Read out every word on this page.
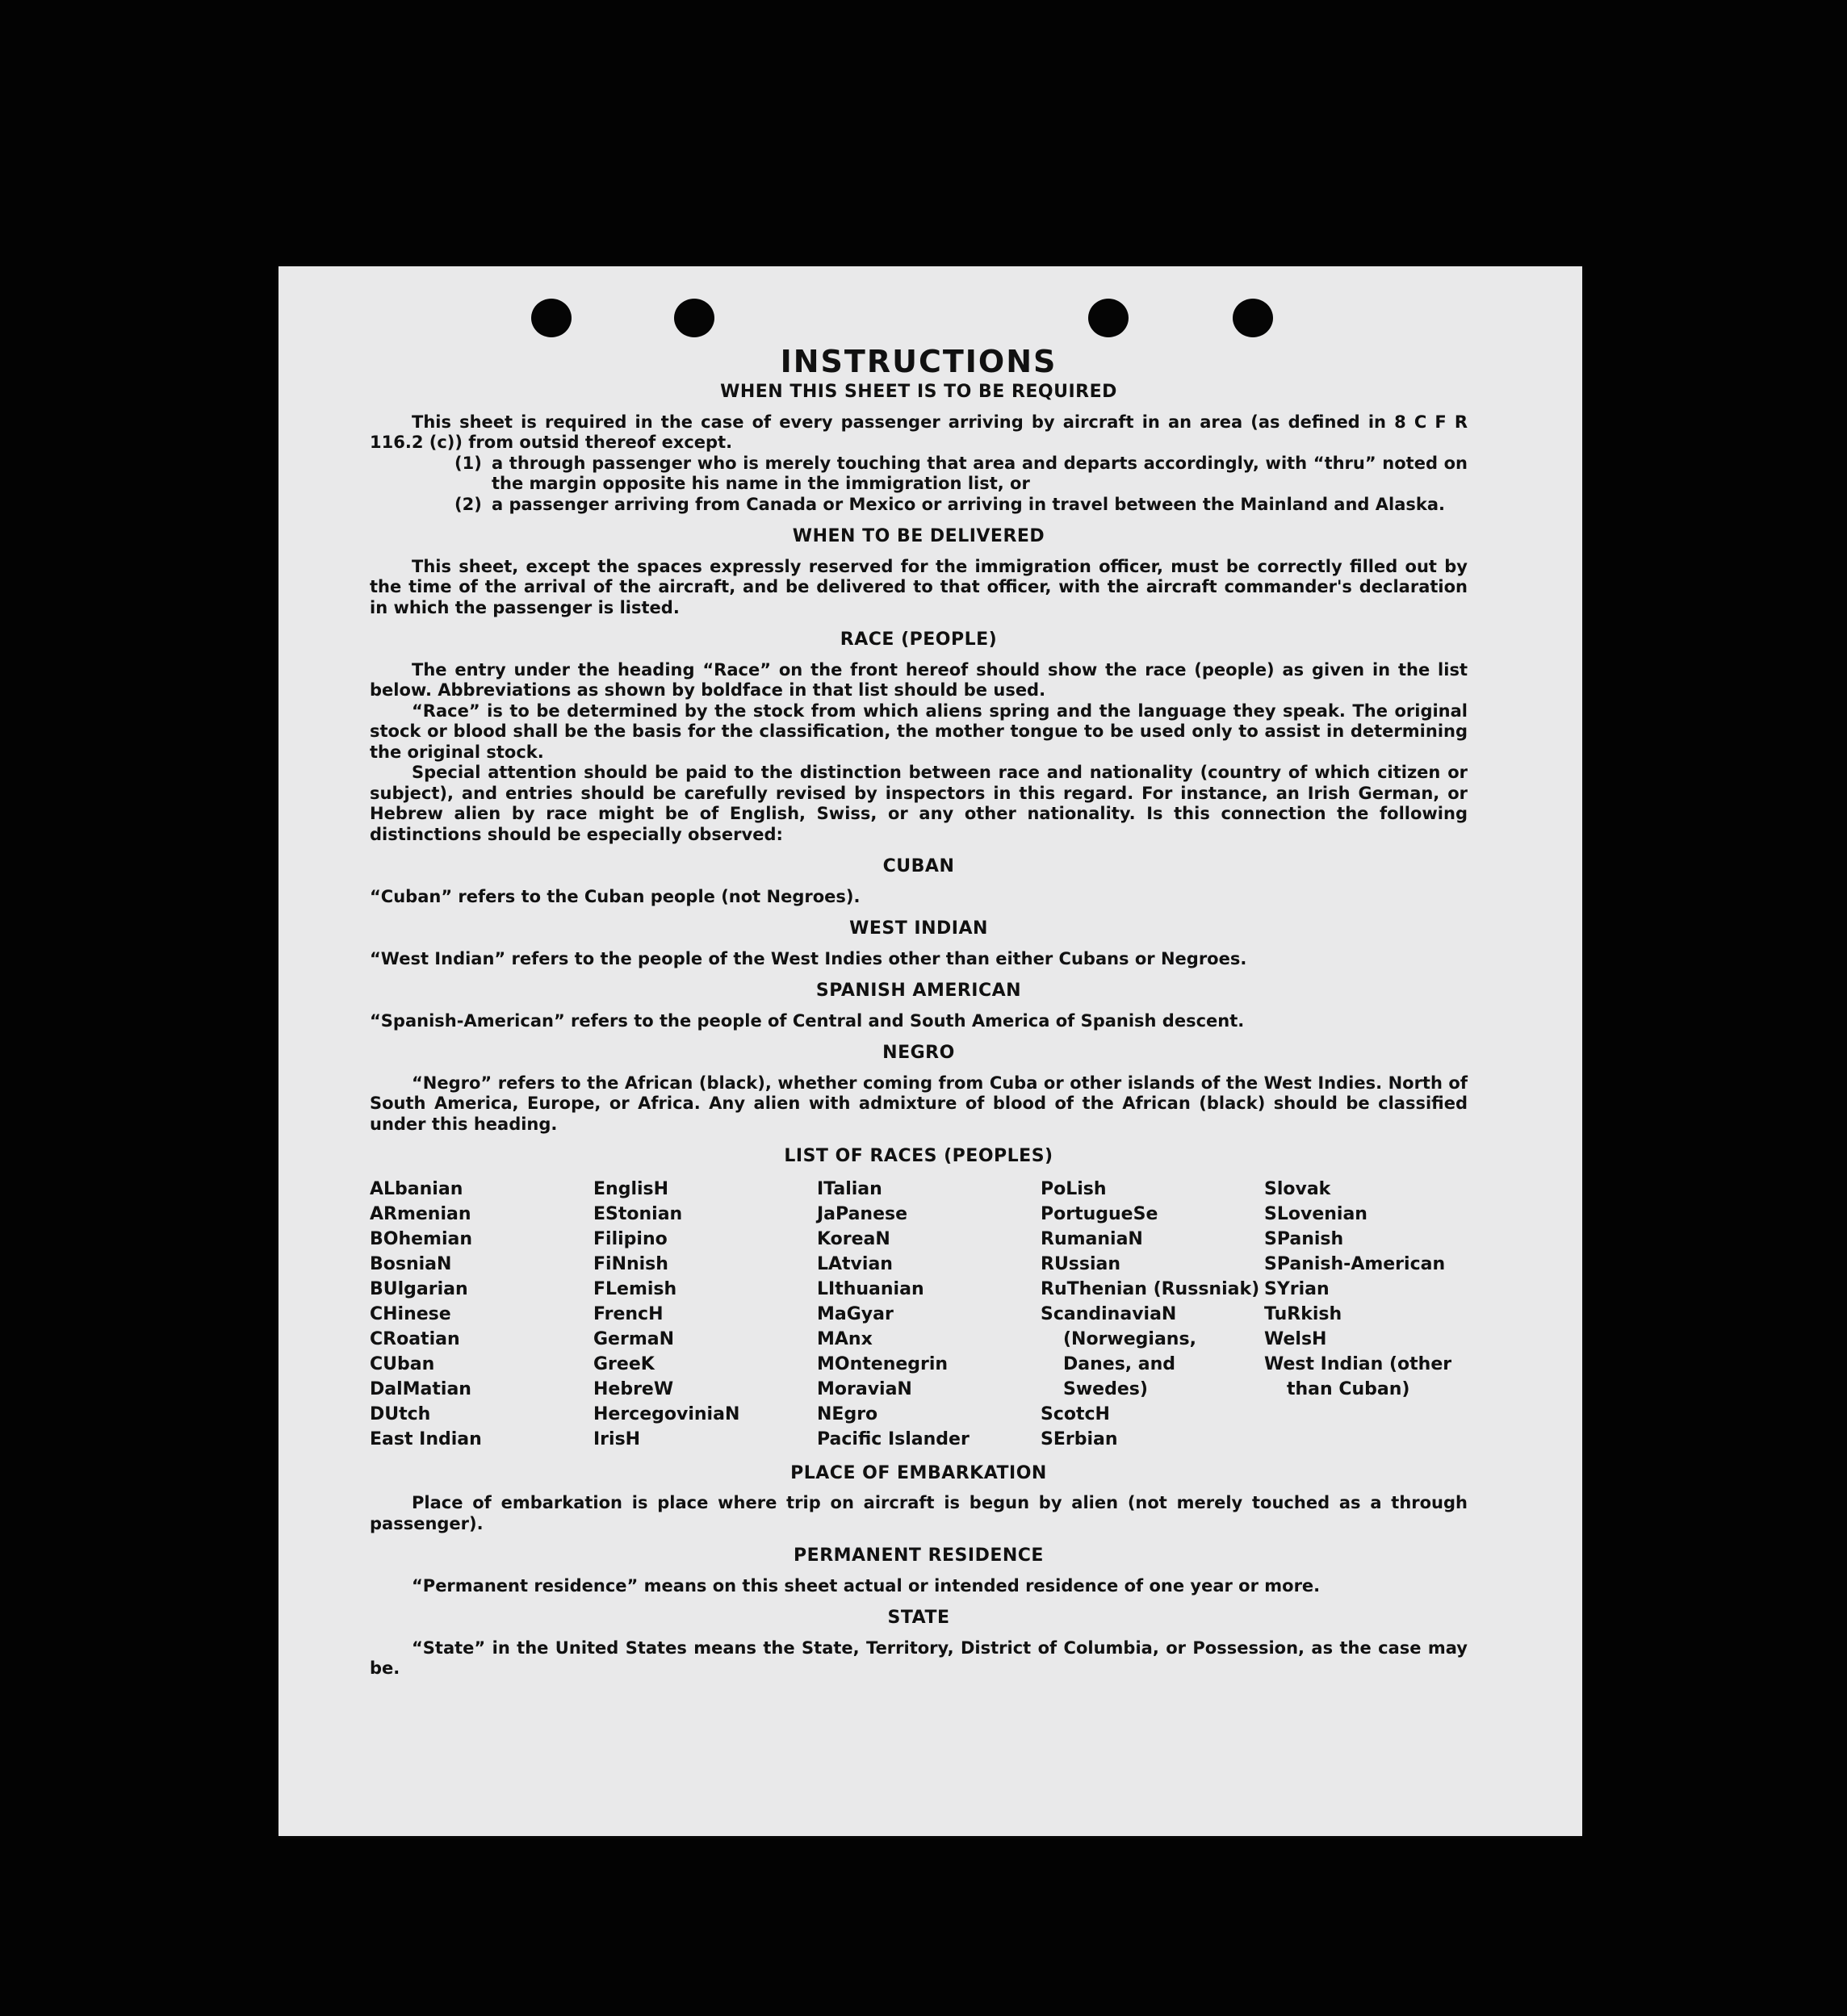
INSTRUCTIONS
WHEN THIS SHEET IS TO BE REQUIRED

This sheet is required in the case of every passenger arriving by aircraft in an area (as defined in 8 C F R 116.2 (c)) from outsid thereof except.

(1) a through passenger who is merely touching that area and departs accordingly, with “thru” noted on the margin opposite his name in the immigration list, or
(2) a passenger arriving from Canada or Mexico or arriving in travel between the Mainland and Alaska.
WHEN TO BE DELIVERED

This sheet, except the spaces expressly reserved for the immigration officer, must be correctly filled out by the time of the arrival of the aircraft, and be delivered to that officer, with the aircraft commander's declaration in which the passenger is listed.

RACE (PEOPLE)

The entry under the heading “Race” on the front hereof should show the race (people) as given in the list below. Abbreviations as shown by boldface in that list should be used.

“Race” is to be determined by the stock from which aliens spring and the language they speak. The original stock or blood shall be the basis for the classification, the mother tongue to be used only to assist in determining the original stock.

Special attention should be paid to the distinction between race and nationality (country of which citizen or subject), and entries should be carefully revised by inspectors in this regard. For instance, an Irish German, or Hebrew alien by race might be of English, Swiss, or any other nationality. Is this connection the following distinctions should be especially observed:

CUBAN

“Cuban” refers to the Cuban people (not Negroes).

WEST INDIAN

“West Indian” refers to the people of the West Indies other than either Cubans or Negroes.

SPANISH AMERICAN

“Spanish-American” refers to the people of Central and South America of Spanish descent.

NEGRO

“Negro” refers to the African (black), whether coming from Cuba or other islands of the West Indies. North of South America, Europe, or Africa. Any alien with admixture of blood of the African (black) should be classified under this heading.

LIST OF RACES (PEOPLES)
ALbanian
ARmenian
BOhemian
BosniaN
BUlgarian
CHinese
CRoatian
CUban
DalMatian
DUtch
East Indian
EnglisH
EStonian
Filipino
FiNnish
FLemish
FrencH
GermaN
GreeK
HebreW
HercegoviniaN
IrisH
ITalian
JaPanese
KoreaN
LAtvian
LIthuanian
MaGyar
MAnx
MOntenegrin
MoraviaN
NEgro
Pacific Islander
PoLish
PortugueSe
RumaniaN
RUssian
RuThenian (Russniak)
ScandinaviaN (Norwegians, Danes, and Swedes)
ScotcH
SErbian
Slovak
SLovenian
SPanish
SPanish-American
SYrian
TuRkish
WelsH
West Indian (other than Cuban)
PLACE OF EMBARKATION

Place of embarkation is place where trip on aircraft is begun by alien (not merely touched as a through passenger).

PERMANENT RESIDENCE

“Permanent residence” means on this sheet actual or intended residence of one year or more.

STATE

“State” in the United States means the State, Territory, District of Columbia, or Possession, as the case may be.
